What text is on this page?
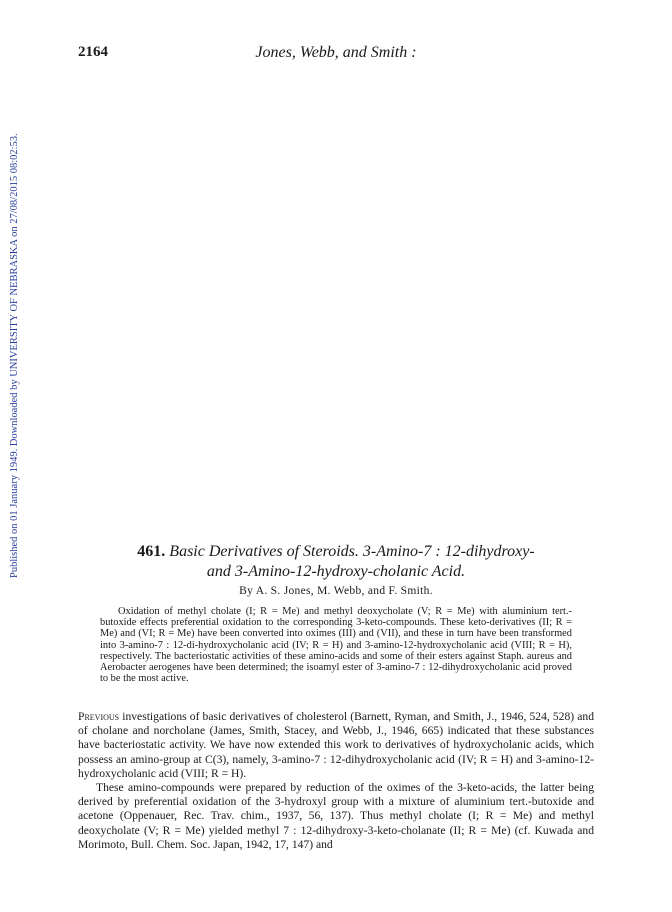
Published on 01 January 1949. Downloaded by UNIVERSITY OF NEBRASKA on 27/08/2015 08:02:53.
2164	Jones, Webb, and Smith :
461. Basic Derivatives of Steroids. 3-Amino-7 : 12-dihydroxy-
and 3-Amino-12-hydroxy-cholanic Acid.
By A. S. Jones, M. Webb, and F. Smith.

Oxidation of methyl cholate (I; R = Me) and methyl deoxycholate (V; R = Me) with aluminium tert.-butoxide effects preferential oxidation to the corresponding 3-keto-compounds. These keto-derivatives (II; R = Me) and (VI; R = Me) have been converted into oximes (III) and (VII), and these in turn have been transformed into 3-amino-7 : 12-di-hydroxycholanic acid (IV; R = H) and 3-amino-12-hydroxycholanic acid (VIII; R = H), respectively. The bacteriostatic activities of these amino-acids and some of their esters against Staph. aureus and Aerobacter aerogenes have been determined; the isoamyl ester of 3-amino-7 : 12-dihydroxycholanic acid proved to be the most active.

Previous investigations of basic derivatives of cholesterol (Barnett, Ryman, and Smith, J., 1946, 524, 528) and of cholane and norcholane (James, Smith, Stacey, and Webb, J., 1946, 665) indicated that these substances have bacteriostatic activity. We have now extended this work to derivatives of hydroxycholanic acids, which possess an amino-group at C(3), namely, 3-amino-7 : 12-dihydroxycholanic acid (IV; R = H) and 3-amino-12-hydroxycholanic acid (VIII; R = H).

These amino-compounds were prepared by reduction of the oximes of the 3-keto-acids, the latter being derived by preferential oxidation of the 3-hydroxyl group with a mixture of aluminium tert.-butoxide and acetone (Oppenauer, Rec. Trav. chim., 1937, 56, 137). Thus methyl cholate (I; R = Me) and methyl deoxycholate (V; R = Me) yielded methyl 7 : 12-dihydroxy-3-keto-cholanate (II; R = Me) (cf. Kuwada and Morimoto, Bull. Chem. Soc. Japan, 1942, 17, 147) and
